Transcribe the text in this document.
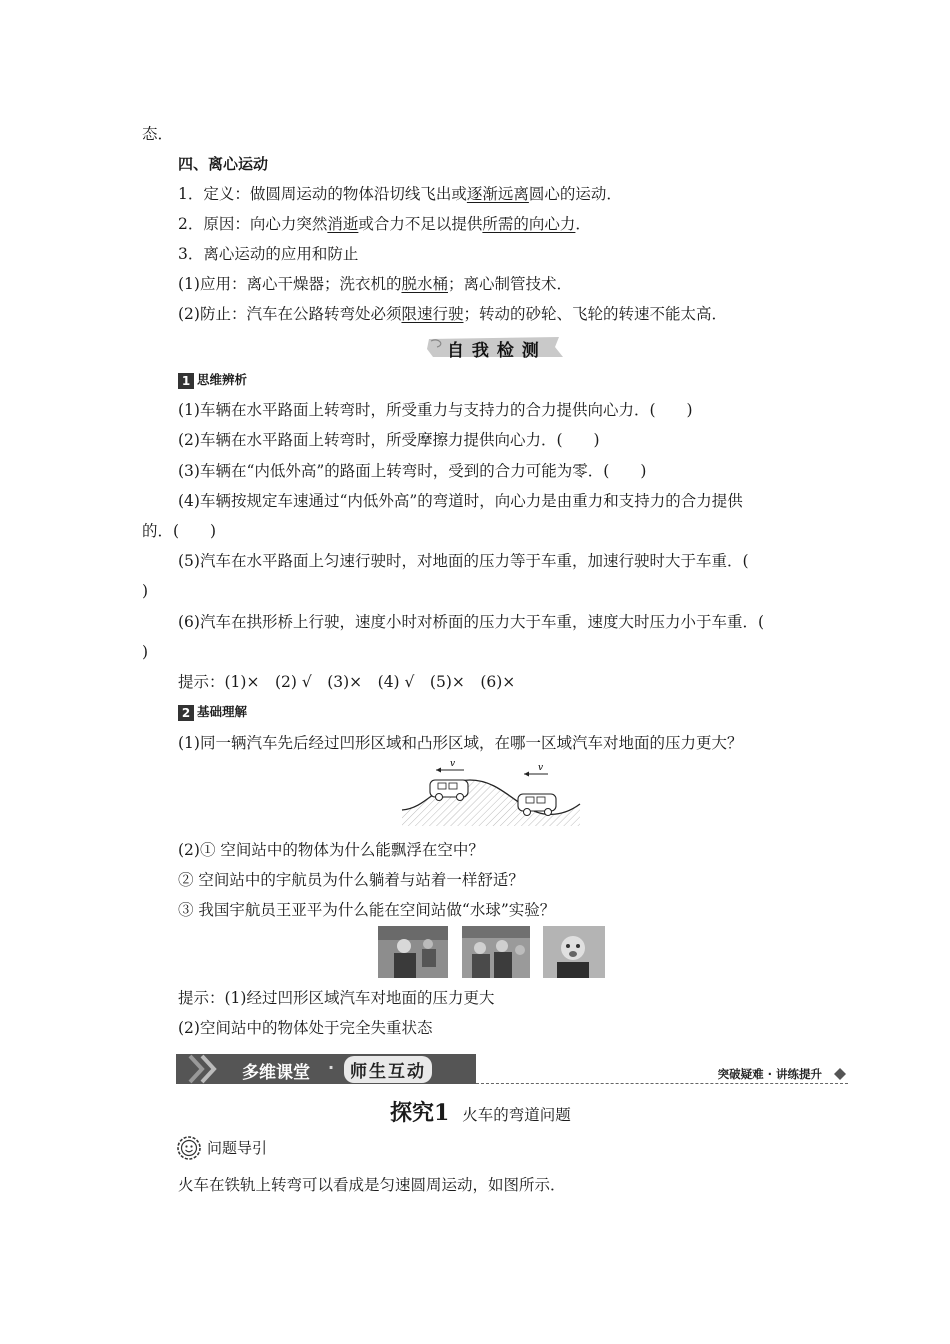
态．
四、离心运动
1．定义：做圆周运动的物体沿切线飞出或逐渐远离圆心的运动．
2．原因：向心力突然消逝或合力不足以提供所需的向心力．
3．离心运动的应用和防止
(1)应用：离心干燥器；洗衣机的脱水桶；离心制管技术．
(2)防止：汽车在公路转弯处必须限速行驶；转动的砂轮、飞轮的转速不能太高．
自 我 检 测
1 思维辨析
(1)车辆在水平路面上转弯时，所受重力与支持力的合力提供向心力．(　　)
(2)车辆在水平路面上转弯时，所受摩擦力提供向心力．(　　)
(3)车辆在“内低外高”的路面上转弯时，受到的合力可能为零．(　　)
(4)车辆按规定车速通过“内低外高”的弯道时，向心力是由重力和支持力的合力提供
的．(　　)
(5)汽车在水平路面上匀速行驶时，对地面的压力等于车重，加速行驶时大于车重．(
)
(6)汽车在拱形桥上行驶，速度小时对桥面的压力大于车重，速度大时压力小于车重．(
)
提示：(1)×　(2) √　(3)×　(4) √　(5)×　(6)×
2 基础理解
(1)同一辆汽车先后经过凹形区域和凸形区域，在哪一区域汽车对地面的压力更大？
v	v
(2)① 空间站中的物体为什么能飘浮在空中？
② 空间站中的宇航员为什么躺着与站着一样舒适？
③ 我国宇航员王亚平为什么能在空间站做“水球”实验？
提示：(1)经过凹形区域汽车对地面的压力更大
(2)空间站中的物体处于完全失重状态
多维课堂 · 师生互动	突破疑难 · 讲练提升
探究1 火车的弯道问题
问题导引
火车在铁轨上转弯可以看成是匀速圆周运动，如图所示．
